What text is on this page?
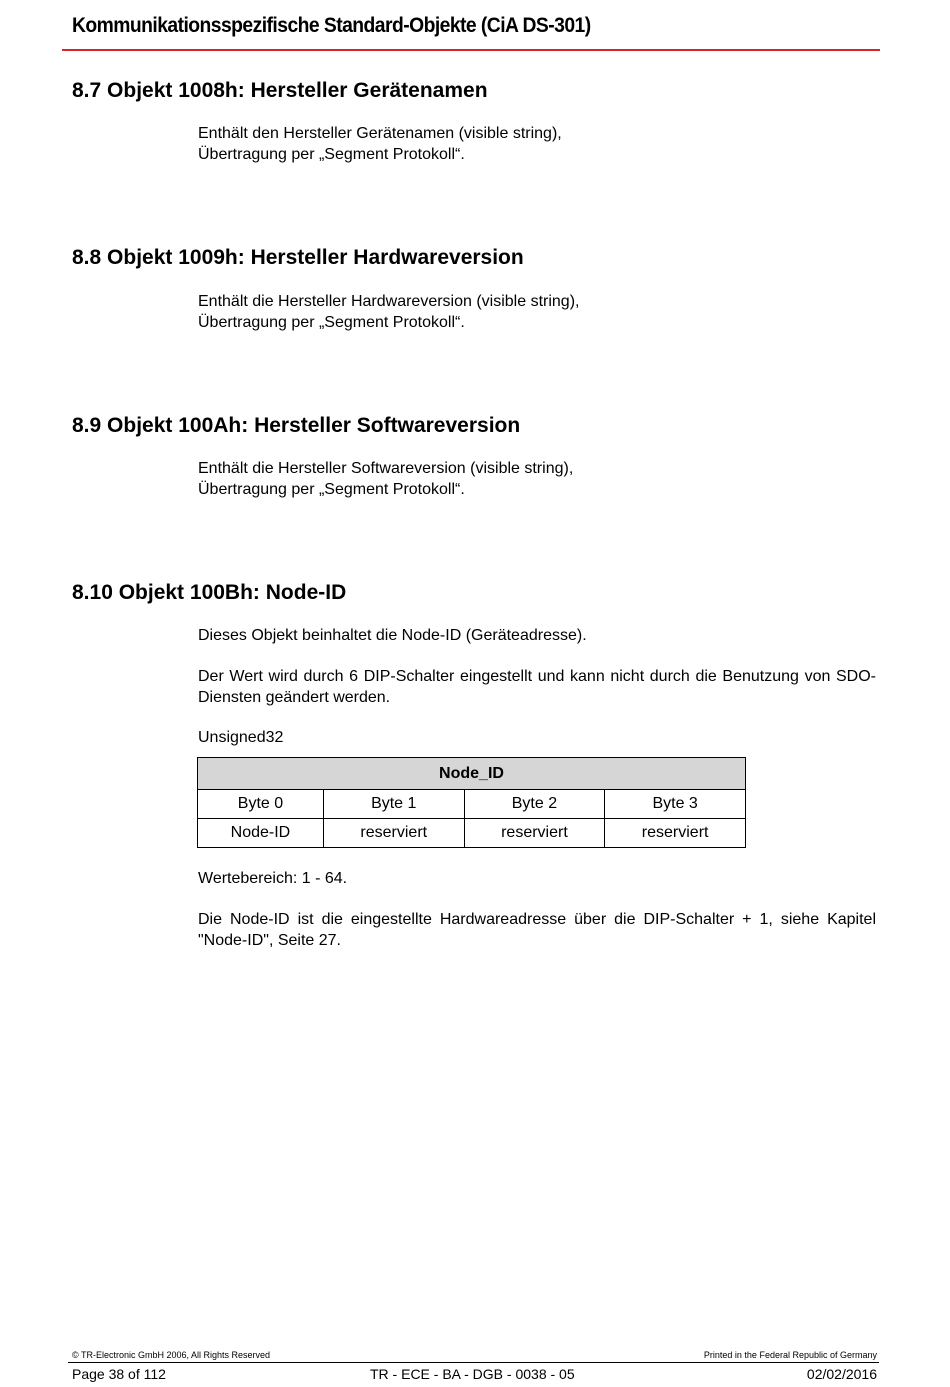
Kommunikationsspezifische Standard-Objekte (CiA DS-301)
8.7 Objekt 1008h: Hersteller Gerätenamen
Enthält den Hersteller Gerätenamen (visible string),
Übertragung per „Segment Protokoll“.
8.8 Objekt 1009h: Hersteller Hardwareversion
Enthält die Hersteller Hardwareversion (visible string),
Übertragung per „Segment Protokoll“.
8.9 Objekt 100Ah: Hersteller Softwareversion
Enthält die Hersteller Softwareversion (visible string),
Übertragung per „Segment Protokoll“.
8.10 Objekt 100Bh: Node-ID
Dieses Objekt beinhaltet die Node-ID (Geräteadresse).
Der Wert wird durch 6 DIP-Schalter eingestellt und kann nicht durch die Benutzung von SDO-Diensten geändert werden.
Unsigned32
Node_ID			
Byte 0	Byte 1	Byte 2	Byte 3
Node-ID	reserviert	reserviert	reserviert
Wertebereich: 1 - 64.
Die Node-ID ist die eingestellte Hardwareadresse über die DIP-Schalter + 1, siehe Kapitel "Node-ID", Seite 27.
© TR-Electronic GmbH 2006, All Rights Reserved	Printed in the Federal Republic of Germany
Page 38 of 112	TR - ECE - BA - DGB - 0038 - 05	02/02/2016
